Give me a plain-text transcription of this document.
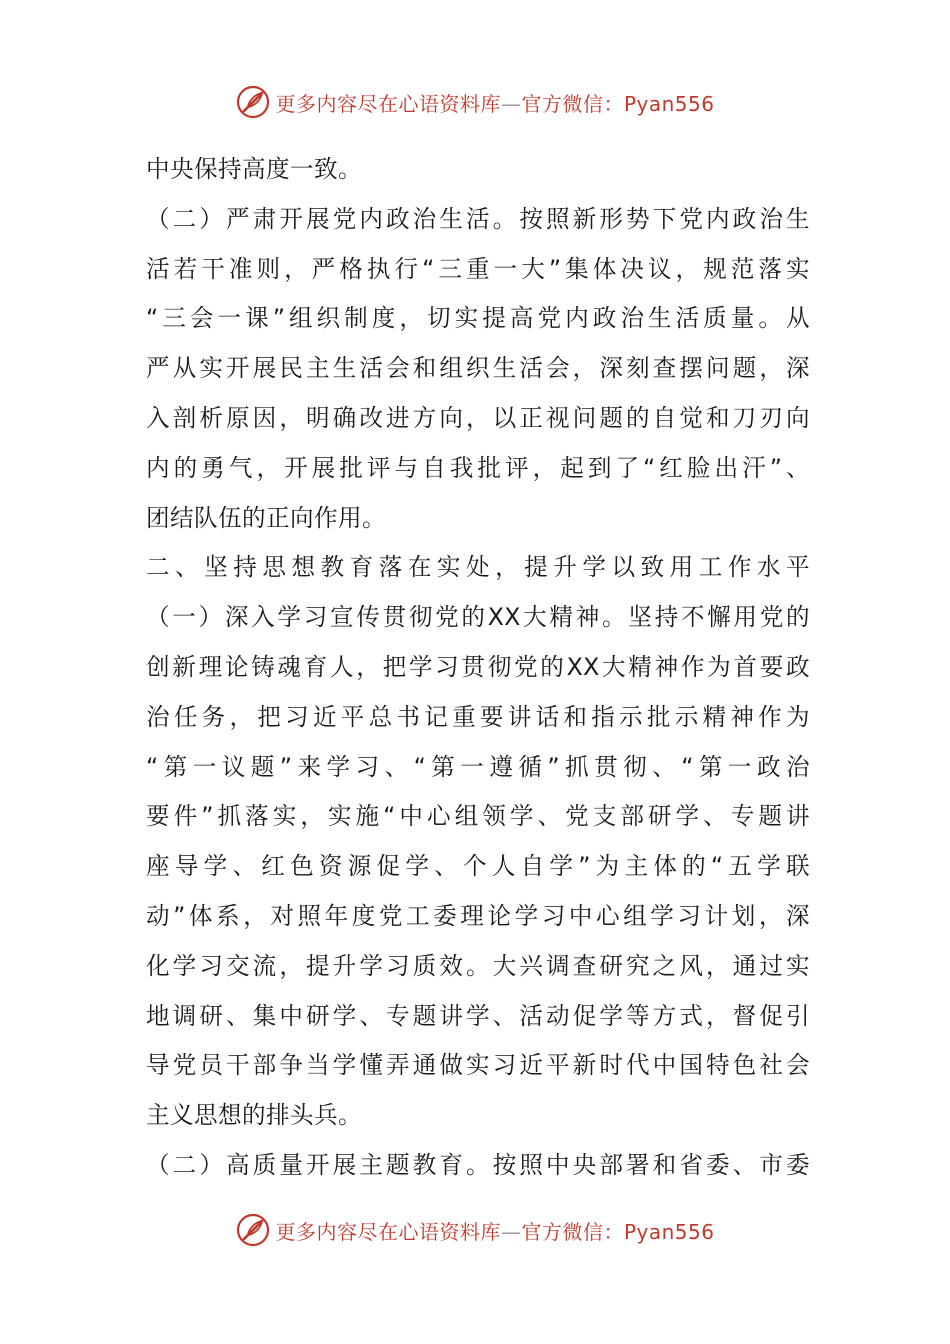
更多内容尽在心语资料库—官方微信：Pyan556
中央保持高度一致。
（二）严肃开展党内政治生活。按照新形势下党内政治生
活若干准则，严格执行“三重一大”集体决议，规范落实
“三会一课”组织制度，切实提高党内政治生活质量。从
严从实开展民主生活会和组织生活会，深刻查摆问题，深
入剖析原因，明确改进方向，以正视问题的自觉和刀刃向
内的勇气，开展批评与自我批评，起到了“红脸出汗”、
团结队伍的正向作用。
二、坚持思想教育落在实处，提升学以致用工作水平
（一）深入学习宣传贯彻党的XX大精神。坚持不懈用党的
创新理论铸魂育人，把学习贯彻党的XX大精神作为首要政
治任务，把习近平总书记重要讲话和指示批示精神作为
“第一议题”来学习、“第一遵循”抓贯彻、“第一政治
要件”抓落实，实施“中心组领学、党支部研学、专题讲
座导学、红色资源促学、个人自学”为主体的“五学联
动”体系，对照年度党工委理论学习中心组学习计划，深
化学习交流，提升学习质效。大兴调查研究之风，通过实
地调研、集中研学、专题讲学、活动促学等方式，督促引
导党员干部争当学懂弄通做实习近平新时代中国特色社会
主义思想的排头兵。
（二）高质量开展主题教育。按照中央部署和省委、市委
更多内容尽在心语资料库—官方微信：Pyan556
